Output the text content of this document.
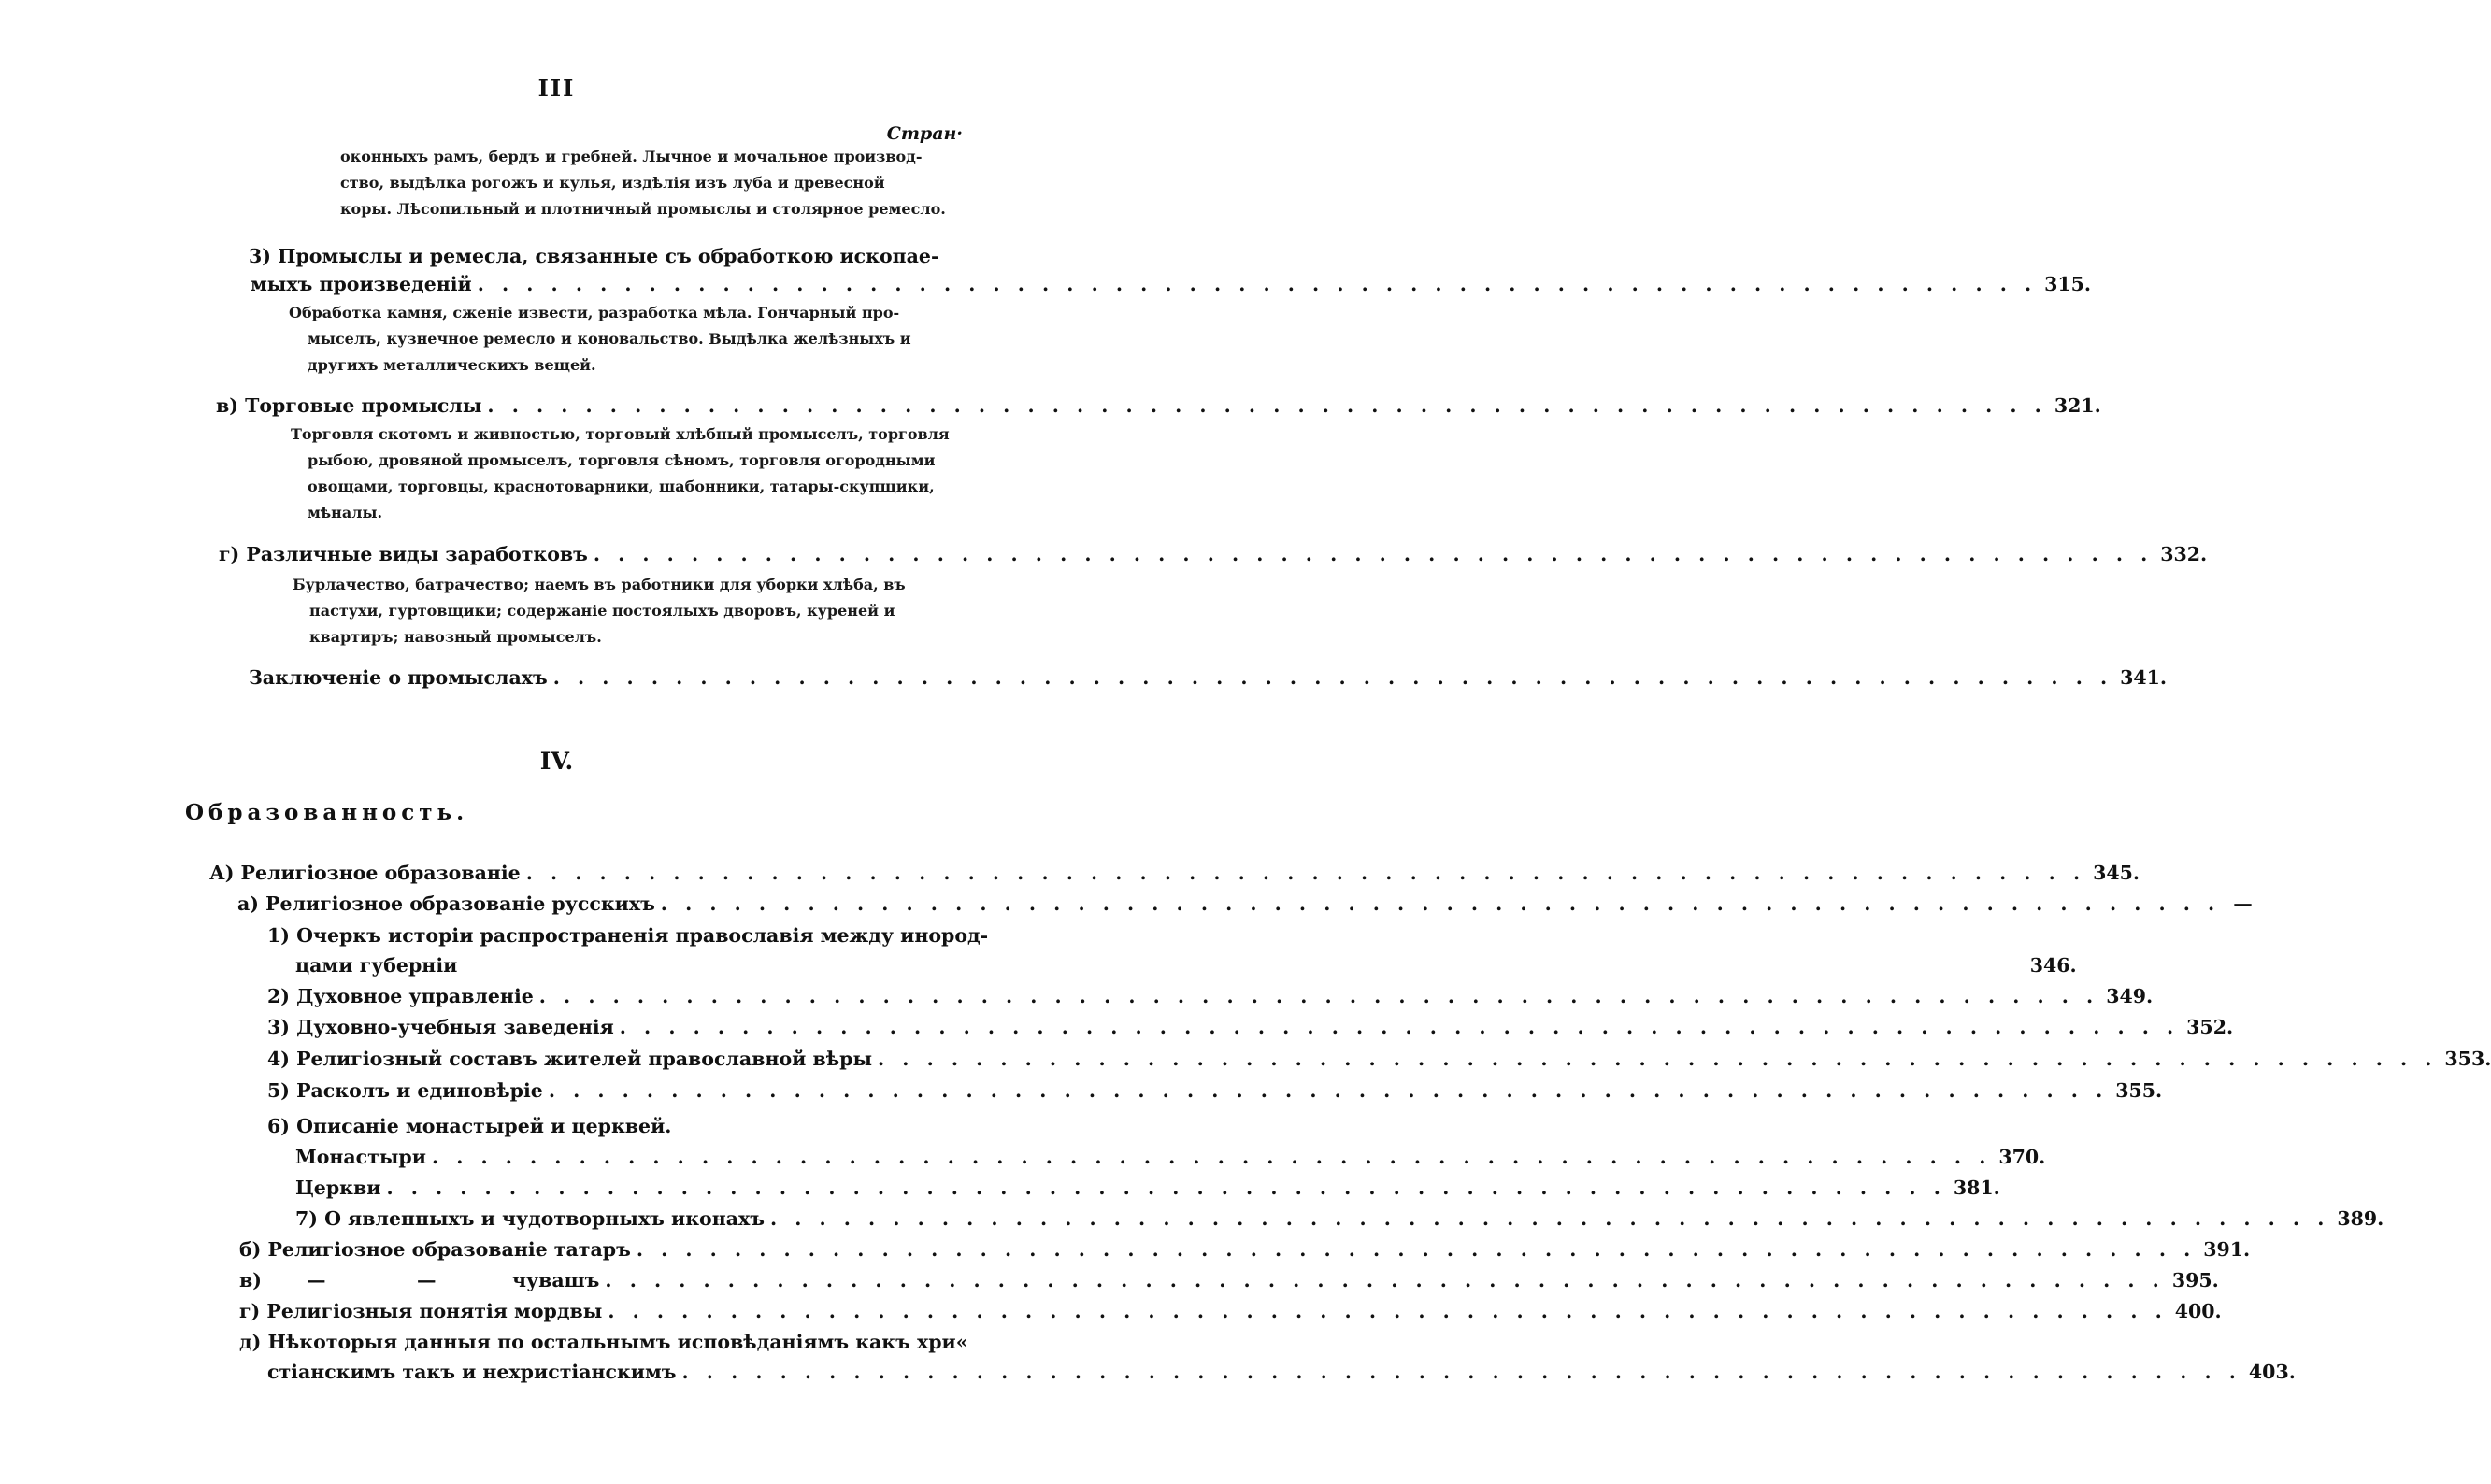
III
Стран·
оконныхъ рамъ, бердъ и гребней. Лычное и мочальное производ-
ство, выдѣлка рогожъ и кулья, издѣлія изъ луба и древесной
коры. Лѣсопильный и плотничный промыслы и столярное ремесло.
3) Промыслы и ремесла, связанные съ обработкою ископае-
мыхъ произведеній . . .	315.
Обработка камня, сжeніе извести, разработка мѣла. Гончарный про-
мыселъ, кузнечное ремесло и коновальство. Выдѣлка желѣзныхъ и
другихъ металлическихъ вещей.
в) Торговые промыслы . . .	321.
Торговля скотомъ и живностью, торговый хлѣбный промыселъ, торговля
рыбою, дровяной промыселъ, торговля сѣномъ, торговля огородными
овощами, торговцы, краснотоварники, шабонники, татары-скупщики,
мѣналы.
г) Различные виды заработковъ . . .	332.
Бурлачество, батрачество; наемъ въ работники для уборки хлѣба, въ
пастухи, гуртовщики; содержаніе постоялыхъ дворовъ, куреней и
квартиръ; навозный промыселъ.
Заключеніе о промыслахъ . . .	341.
IV.
Образованность.
А) Религіозное образованіе . . .	345.
а) Религіозное образованіе русскихъ . . .	—
1) Очеркъ исторіи распространенія православія между инород-
цами губерніи	346.
2) Духовное управленіе . . .	349.
3) Духовно-учебныя заведенія . . .	352.
4) Религіозный составъ жителей православной вѣры . . .	353.
5) Расколъ и единовѣріе . . .	355.
6) Описаніе монастырей и церквей.
Монастыри . . .	370.
Церкви . . .	381.
7) О явленныхъ и чудотворныхъ иконахъ . . .	389.
б) Религіозное образованіе татаръ . . .	391.
в)	—	—	чувашъ . . .	395.
г) Религіозныя понятія мордвы . . .	400.
д) Нѣкоторыя данныя по остальнымъ исповѣданіямъ какъ хри«
стіанскимъ такъ и нехристіанскимъ . . .	403.
